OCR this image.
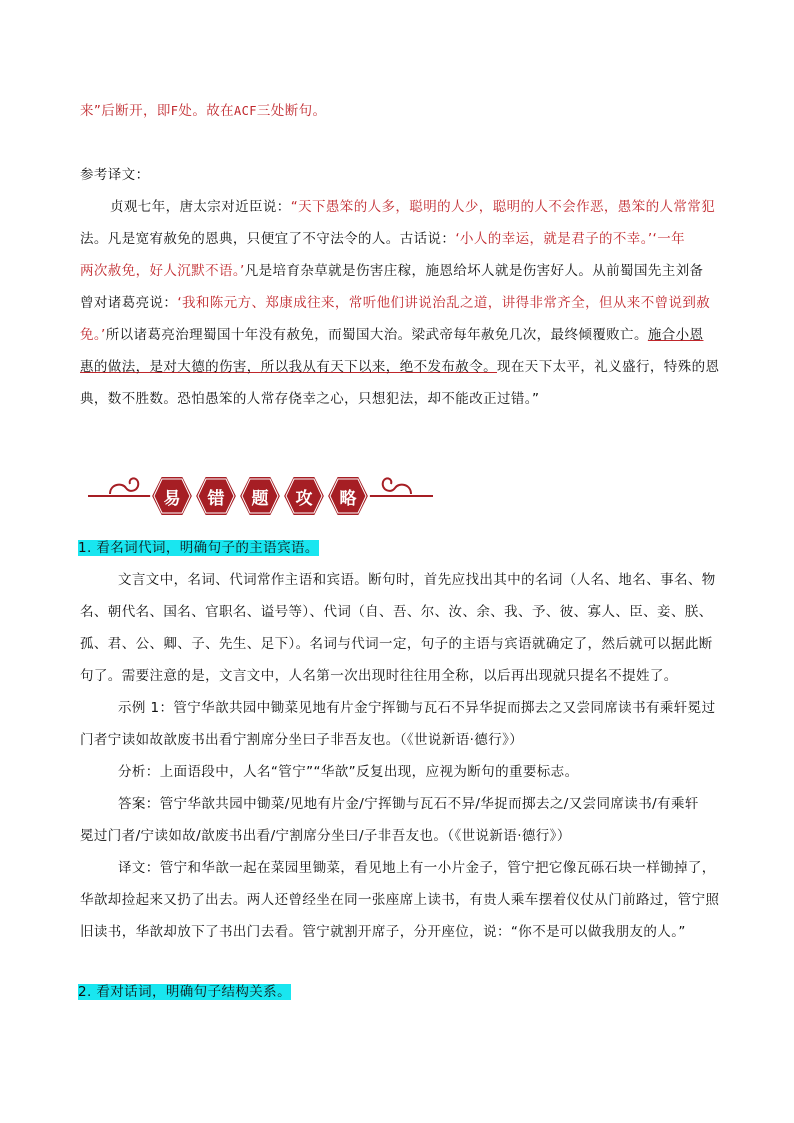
来”后断开，即F处。故在ACF三处断句。
参考译文：
贞观七年，唐太宗对近臣说：“天下愚笨的人多，聪明的人少，聪明的人不会作恶，愚笨的人常常犯
法。凡是宽宥赦免的恩典，只便宜了不守法令的人。古话说：‘小人的幸运，就是君子的不幸。’‘一年
两次赦免，好人沉默不语。’凡是培育杂草就是伤害庄稼，施恩给坏人就是伤害好人。从前蜀国先主刘备
曾对诸葛亮说：‘我和陈元方、郑康成往来，常听他们讲说治乱之道，讲得非常齐全，但从来不曾说到赦
免。’所以诸葛亮治理蜀国十年没有赦免，而蜀国大治。梁武帝每年赦免几次，最终倾覆败亡。施合小恩
惠的做法，是对大德的伤害，所以我从有天下以来，绝不发布赦令。现在天下太平，礼义盛行，特殊的恩
典，数不胜数。恐怕愚笨的人常存侥幸之心，只想犯法，却不能改正过错。”
易	错	题	攻	略
1. 看名词代词，明确句子的主语宾语。
文言文中，名词、代词常作主语和宾语。断句时，首先应找出其中的名词（人名、地名、事名、物
名、朝代名、国名、官职名、谥号等）、代词（自、吾、尔、汝、余、我、予、彼、寡人、臣、妾、朕、
孤、君、公、卿、子、先生、足下）。名词与代词一定，句子的主语与宾语就确定了，然后就可以据此断
句了。需要注意的是，文言文中，人名第一次出现时往往用全称，以后再出现就只提名不提姓了。
示例 1：管宁华歆共园中锄菜见地有片金宁挥锄与瓦石不异华捉而掷去之又尝同席读书有乘轩冕过
门者宁读如故歆废书出看宁割席分坐曰子非吾友也。（《世说新语·德行》）
分析：上面语段中，人名“管宁”“华歆”反复出现，应视为断句的重要标志。
答案：管宁华歆共园中锄菜/见地有片金/宁挥锄与瓦石不异/华捉而掷去之/又尝同席读书/有乘轩
冕过门者/宁读如故/歆废书出看/宁割席分坐曰/子非吾友也。（《世说新语·德行》）
译文：管宁和华歆一起在菜园里锄菜，看见地上有一小片金子，管宁把它像瓦砾石块一样锄掉了，
华歆却捡起来又扔了出去。两人还曾经坐在同一张座席上读书，有贵人乘车摆着仪仗从门前路过，管宁照
旧读书，华歆却放下了书出门去看。管宁就割开席子，分开座位，说：“你不是可以做我朋友的人。”
2. 看对话词，明确句子结构关系。
